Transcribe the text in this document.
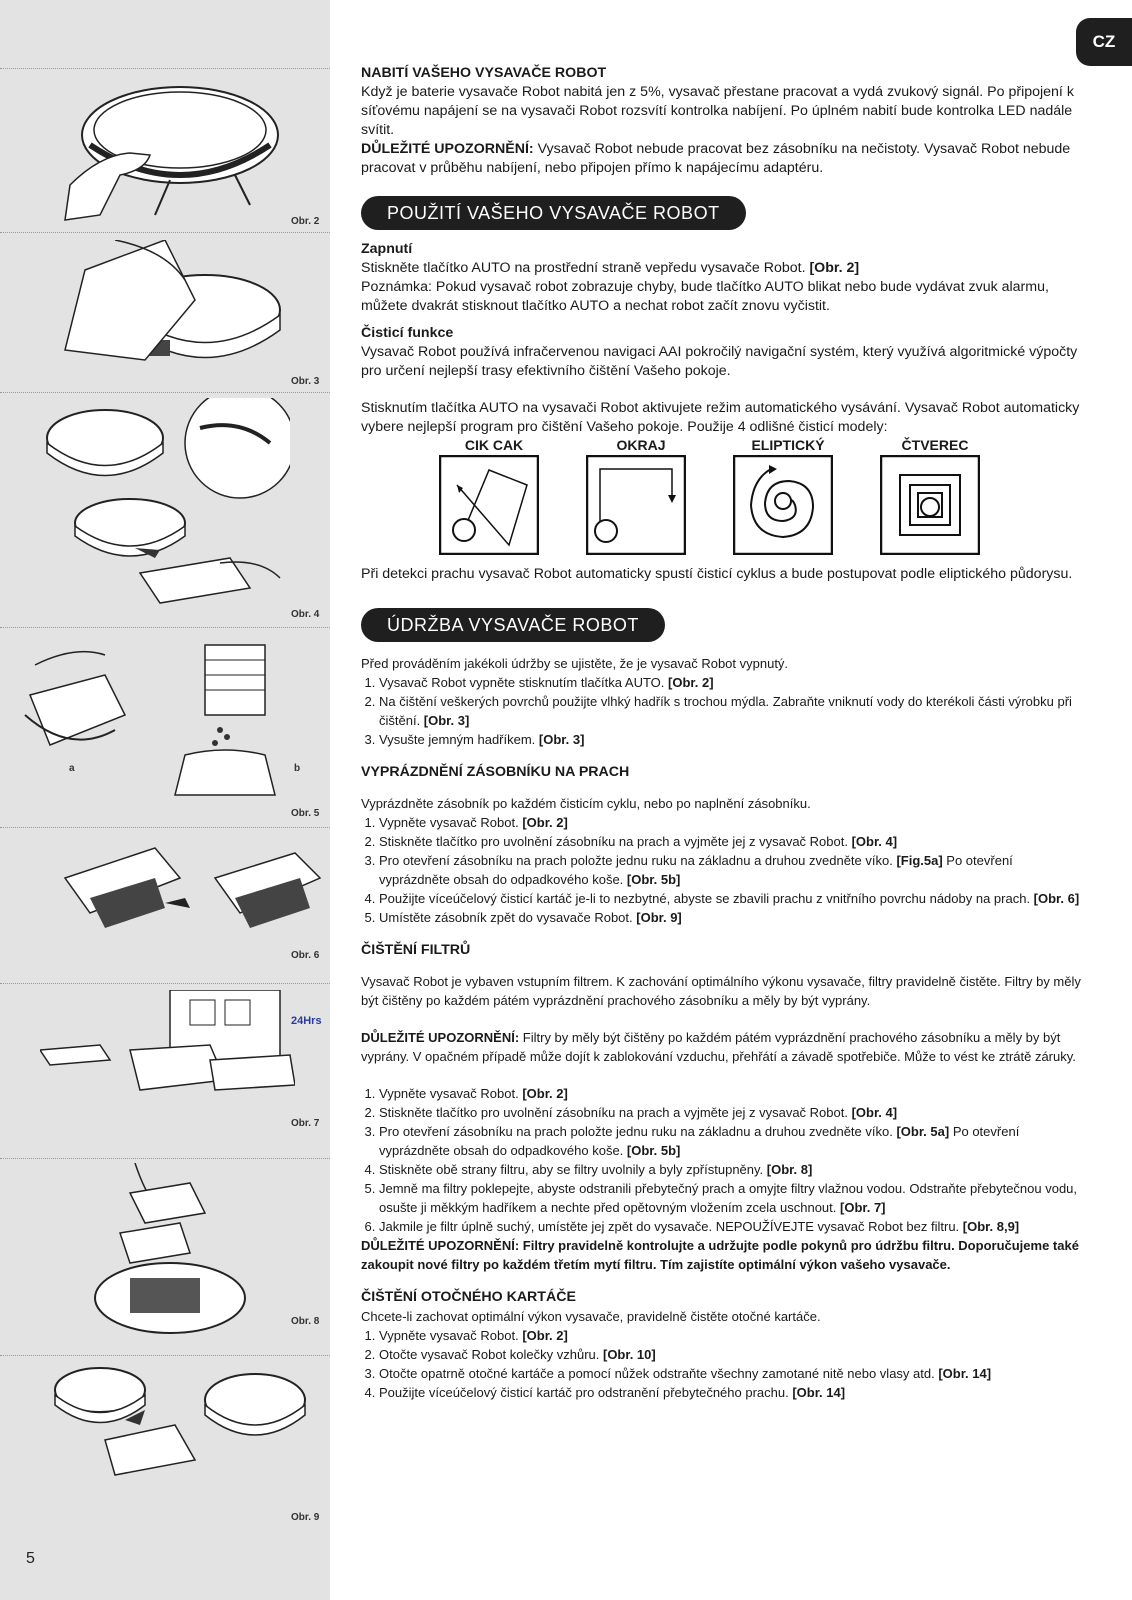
Obr. 2
Obr. 3
Obr. 4
a	b
Obr. 5
Obr. 6
24Hrs
Obr. 7
Obr. 8
Obr. 9
CZ
5

NABITÍ VAŠEHO VYSAVAČE ROBOT

Když je baterie vysavače Robot nabitá jen z 5%, vysavač přestane pracovat a vydá zvukový signál. Po připojení k síťovému napájení se na vysavači Robot rozsvítí kontrolka nabíjení. Po úplném nabití bude kontrolka LED nadále svítit.

DŮLEŽITÉ UPOZORNĚNÍ: Vysavač Robot nebude pracovat bez zásobníku na nečistoty. Vysavač Robot nebude pracovat v průběhu nabíjení, nebo připojen přímo k napájecímu adaptéru.

POUŽITÍ VAŠEHO VYSAVAČE ROBOT

Zapnutí

Stiskněte tlačítko AUTO na prostřední straně vepředu vysavače Robot. [Obr. 2]

Poznámka: Pokud vysavač robot zobrazuje chyby, bude tlačítko AUTO blikat nebo bude vydávat zvuk alarmu, můžete dvakrát stisknout tlačítko AUTO a nechat robot začít znovu vyčistit.

Čisticí funkce

Vysavač Robot používá infračervenou navigaci AAI pokročilý navigační systém, který využívá algoritmické výpočty pro určení nejlepší trasy efektivního čištění Vašeho pokoje.

Stisknutím tlačítka AUTO na vysavači Robot aktivujete režim automatického vysávání. Vysavač Robot automaticky vybere nejlepší program pro čištění Vašeho pokoje. Použije 4 odlišné čisticí modely:

CIK CAK	OKRAJ	ELIPTICKÝ	ČTVEREC

Při detekci prachu vysavač Robot automaticky spustí čisticí cyklus a bude postupovat podle eliptického půdorysu.

ÚDRŽBA VYSAVAČE ROBOT

Před prováděním jakékoli údržby se ujistěte, že je vysavač Robot vypnutý.

1. Vysavač Robot vypněte stisknutím tlačítka AUTO. [Obr. 2]
2. Na čištění veškerých povrchů použijte vlhký hadřík s trochou mýdla. Zabraňte vniknutí vody do kterékoli části výrobku při čištění. [Obr. 3]
3. Vysušte jemným hadříkem. [Obr. 3]

VYPRÁZDNĚNÍ ZÁSOBNÍKU NA PRACH

Vyprázdněte zásobník po každém čisticím cyklu, nebo po naplnění zásobníku.

1. Vypněte vysavač Robot. [Obr. 2]
2. Stiskněte tlačítko pro uvolnění zásobníku na prach a vyjměte jej z vysavač Robot. [Obr. 4]
3. Pro otevření zásobníku na prach položte jednu ruku na základnu a druhou zvedněte víko. [Fig.5a] Po otevření vyprázdněte obsah do odpadkového koše. [Obr. 5b]
4. Použijte víceúčelový čisticí kartáč je-li to nezbytné, abyste se zbavili prachu z vnitřního povrchu nádoby na prach. [Obr. 6]
5. Umístěte zásobník zpět do vysavače Robot. [Obr. 9]

ČIŠTĚNÍ FILTRŮ

Vysavač Robot je vybaven vstupním filtrem. K zachování optimálního výkonu vysavače, filtry pravidelně čistěte. Filtry by měly být čištěny po každém pátém vyprázdnění prachového zásobníku a měly by být vyprány.

DŮLEŽITÉ UPOZORNĚNÍ: Filtry by měly být čištěny po každém pátém vyprázdnění prachového zásobníku a měly by být vyprány. V opačném případě může dojít k zablokování vzduchu, přehřátí a závadě spotřebiče. Může to vést ke ztrátě záruky.

1. Vypněte vysavač Robot. [Obr. 2]
2. Stiskněte tlačítko pro uvolnění zásobníku na prach a vyjměte jej z vysavač Robot. [Obr. 4]
3. Pro otevření zásobníku na prach položte jednu ruku na základnu a druhou zvedněte víko. [Obr. 5a] Po otevření vyprázdněte obsah do odpadkového koše. [Obr. 5b]
4. Stiskněte obě strany filtru, aby se filtry uvolnily a byly zpřístupněny. [Obr. 8]
5. Jemně ma filtry poklepejte, abyste odstranili přebytečný prach a omyjte filtry vlažnou vodou. Odstraňte přebytečnou vodu, osušte ji měkkým hadříkem a nechte před opětovným vložením zcela uschnout. [Obr. 7]
6. Jakmile je filtr úplně suchý, umístěte jej zpět do vysavače. NEPOUŽÍVEJTE vysavač Robot bez filtru. [Obr. 8,9]

DŮLEŽITÉ UPOZORNĚNÍ: Filtry pravidelně kontrolujte a udržujte podle pokynů pro údržbu filtru. Doporučujeme také zakoupit nové filtry po každém třetím mytí filtru. Tím zajistíte optimální výkon vašeho vysavače.

ČIŠTĚNÍ OTOČNÉHO KARTÁČE

Chcete-li zachovat optimální výkon vysavače, pravidelně čistěte otočné kartáče.

1. Vypněte vysavač Robot. [Obr. 2]
2. Otočte vysavač Robot kolečky vzhůru. [Obr. 10]
3. Otočte opatrně otočné kartáče a pomocí nůžek odstraňte všechny zamotané nitě nebo vlasy atd. [Obr. 14]
4. Použijte víceúčelový čisticí kartáč pro odstranění přebytečného prachu. [Obr. 14]
